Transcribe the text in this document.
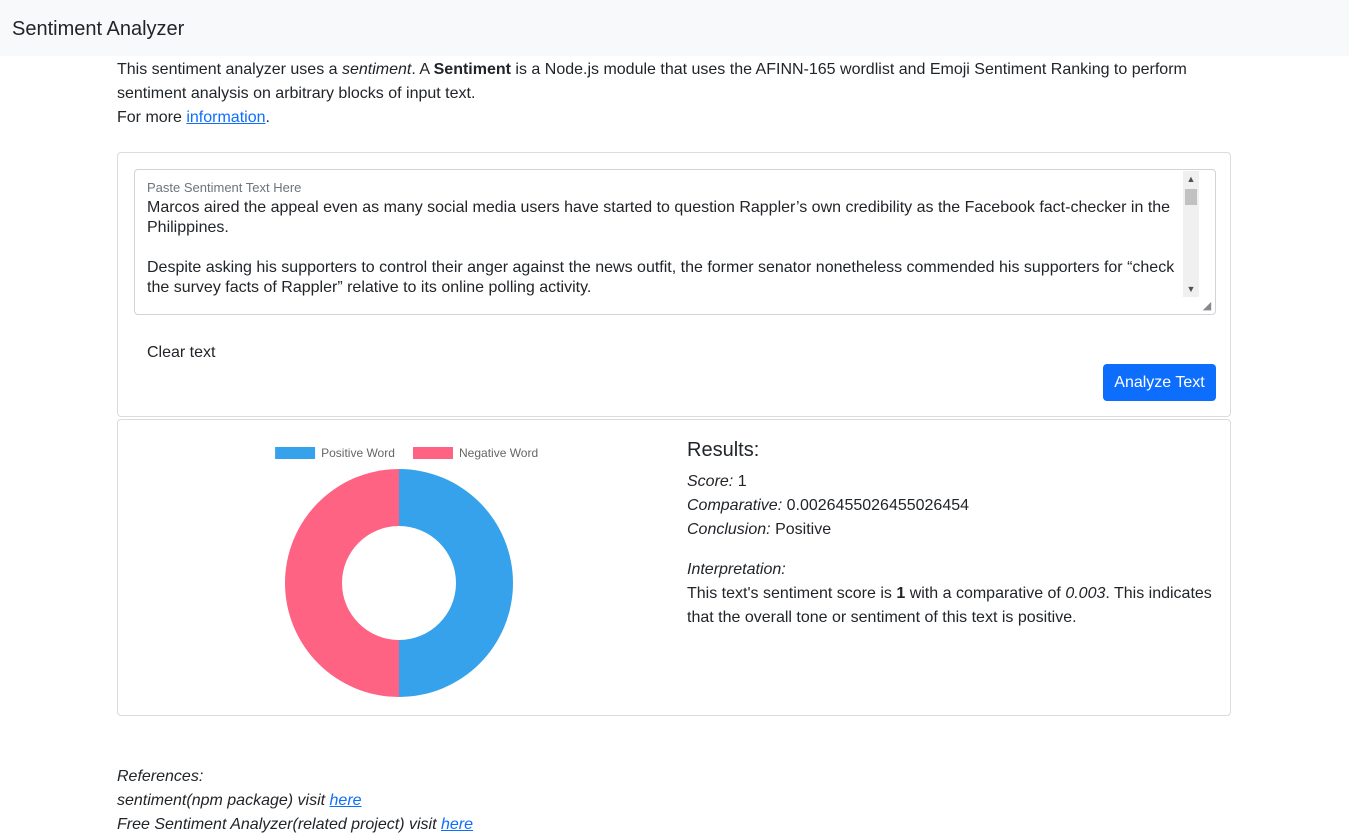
Sentiment Analyzer

This sentiment analyzer uses a sentiment. A Sentiment is a Node.js module that uses the AFINN-165 wordlist and Emoji Sentiment Ranking to perform sentiment analysis on arbitrary blocks of input text.

For more information.

Paste Sentiment Text Here
Marcos aired the appeal even as many social media users have started to question Rappler’s own credibility as the Facebook fact-checker in the Philippines.

Despite asking his supporters to control their anger against the news outfit, the former senator nonetheless commended his supporters for “check the survey facts of Rappler” relative to its online polling activity.
▲
▼
◢
Clear text
Analyze Text
Positive Word	Negative Word	Results:

Score: 1

Comparative: 0.0026455026455026454

Conclusion: Positive

Interpretation:

This text's sentiment score is 1 with a comparative of 0.003. This indicates that the overall tone or sentiment of this text is positive.

References:

sentiment(npm package) visit here

Free Sentiment Analyzer(related project) visit here
